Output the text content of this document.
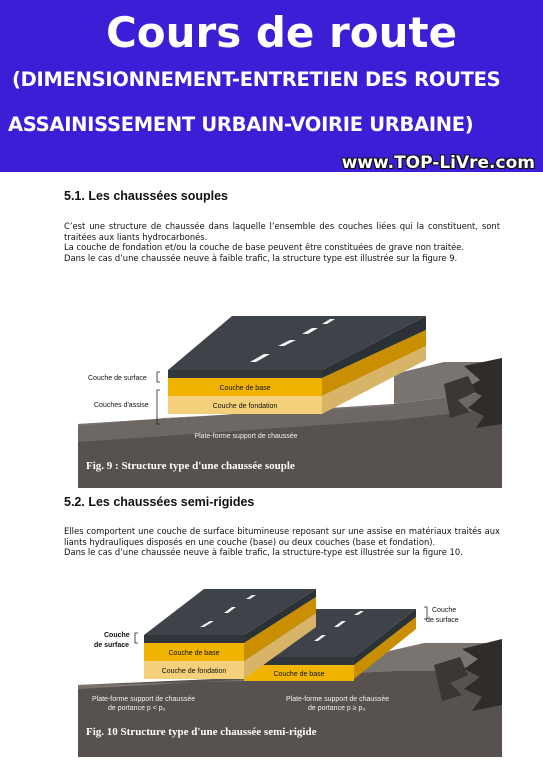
Cours de route
(DIMENSIONNEMENT-ENTRETIEN DES ROUTES
ASSAINISSEMENT URBAIN-VOIRIE URBAINE)
www.TOP-LiVre.com
5.1. Les chaussées souples

C’est une structure de chaussée dans laquelle l’ensemble des couches liées qui la constituent, sont traitées aux liants hydrocarbonés.

La couche de fondation et/ou la couche de base peuvent être constituées de grave non traitée.

Dans le cas d’une chaussée neuve à faible trafic, la structure type est illustrée sur la figure 9.

Couche de base
Couche de fondation
Couche de surface
Couches d'assise
Plate-forme support de chaussée
Fig. 9 : Structure type d'une chaussée souple
5.2. Les chaussées semi-rigides

Elles comportent une couche de surface bitumineuse reposant sur une assise en matériaux traités aux liants hydrauliques disposés en une couche (base) ou deux couches (base et fondation).

Dans le cas d’une chaussée neuve à faible trafic, la structure-type est illustrée sur la figure 10.

Couche de base
Couche de base
Couche de fondation
Couche
de surface
Couche
de surface
Plate-forme support de chaussée
de portance p < p₃
Plate-forme support de chaussée
de portance p ≥ p₃
Fig. 10 Structure type d'une chaussée semi-rigide
